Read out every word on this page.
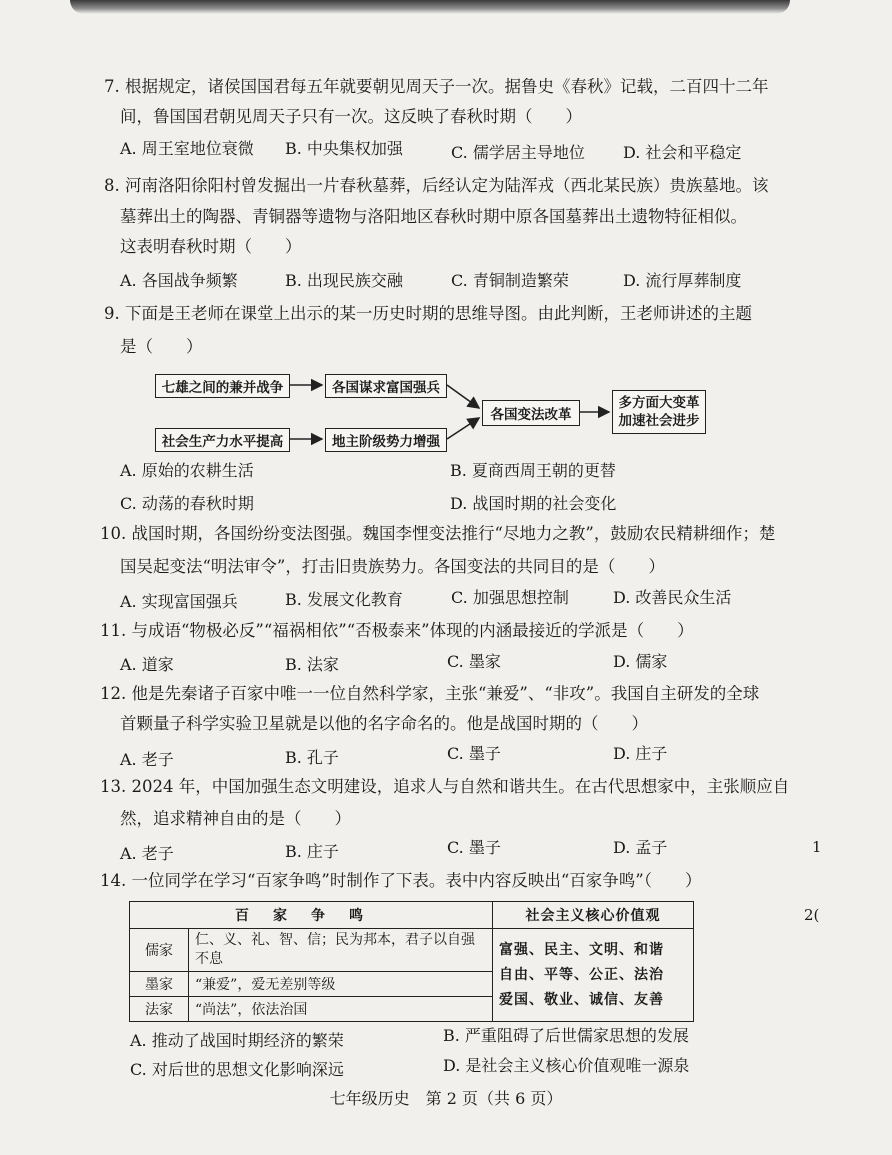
7. 根据规定，诸侯国国君每五年就要朝见周天子一次。据鲁史《春秋》记载，二百四十二年
间，鲁国国君朝见周天子只有一次。这反映了春秋时期（　　）
A. 周王室地位衰微 B. 中央集权加强	C. 儒学居主导地位 D. 社会和平稳定
8. 河南洛阳徐阳村曾发掘出一片春秋墓葬，后经认定为陆浑戎（西北某民族）贵族墓地。该
墓葬出土的陶器、青铜器等遗物与洛阳地区春秋时期中原各国墓葬出土遗物特征相似。
这表明春秋时期（　　）
A. 各国战争频繁	B. 出现民族交融	C. 青铜制造繁荣	D. 流行厚葬制度
9. 下面是王老师在课堂上出示的某一历史时期的思维导图。由此判断，王老师讲述的主题
是（　　）
七雄之间的兼并战争	各国谋求富国强兵
社会生产力水平提高	地主阶级势力增强
各国变法改革
多方面大变革
加速社会进步
A. 原始的农耕生活	B. 夏商西周王朝的更替
C. 动荡的春秋时期	D. 战国时期的社会变化
10. 战国时期，各国纷纷变法图强。魏国李悝变法推行“尽地力之教”，鼓励农民精耕细作；楚
国吴起变法“明法审令”，打击旧贵族势力。各国变法的共同目的是（　　）
A. 实现富国强兵	B. 发展文化教育	C. 加强思想控制	D. 改善民众生活
11. 与成语“物极必反”“福祸相依”“否极泰来”体现的内涵最接近的学派是（　　）
A. 道家	B. 法家	C. 墨家	D. 儒家
12. 他是先秦诸子百家中唯一一位自然科学家，主张“兼爱”、“非攻”。我国自主研发的全球
首颗量子科学实验卫星就是以他的名字命名的。他是战国时期的（　　）
A. 老子	B. 孔子	C. 墨子	D. 庄子
13. 2024 年，中国加强生态文明建设，追求人与自然和谐共生。在古代思想家中，主张顺应自
然，追求精神自由的是（　　）
A. 老子	B. 庄子	C. 墨子	D. 孟子	1
2(
14. 一位同学在学习“百家争鸣”时制作了下表。表中内容反映出“百家争鸣”（　　）
百家争鸣		社会主义核心价值观
儒家	仁、义、礼、智、信；民为邦本，君子以自强不息	富强、民主、文明、和谐
自由、平等、公正、法治
爱国、敬业、诚信、友善

墨家	“兼爱”，爱无差别等级	
法家	“尚法”，依法治国	
A. 推动了战国时期经济的繁荣	B. 严重阻碍了后世儒家思想的发展
C. 对后世的思想文化影响深远	D. 是社会主义核心价值观唯一源泉
七年级历史　第 2 页（共 6 页）
